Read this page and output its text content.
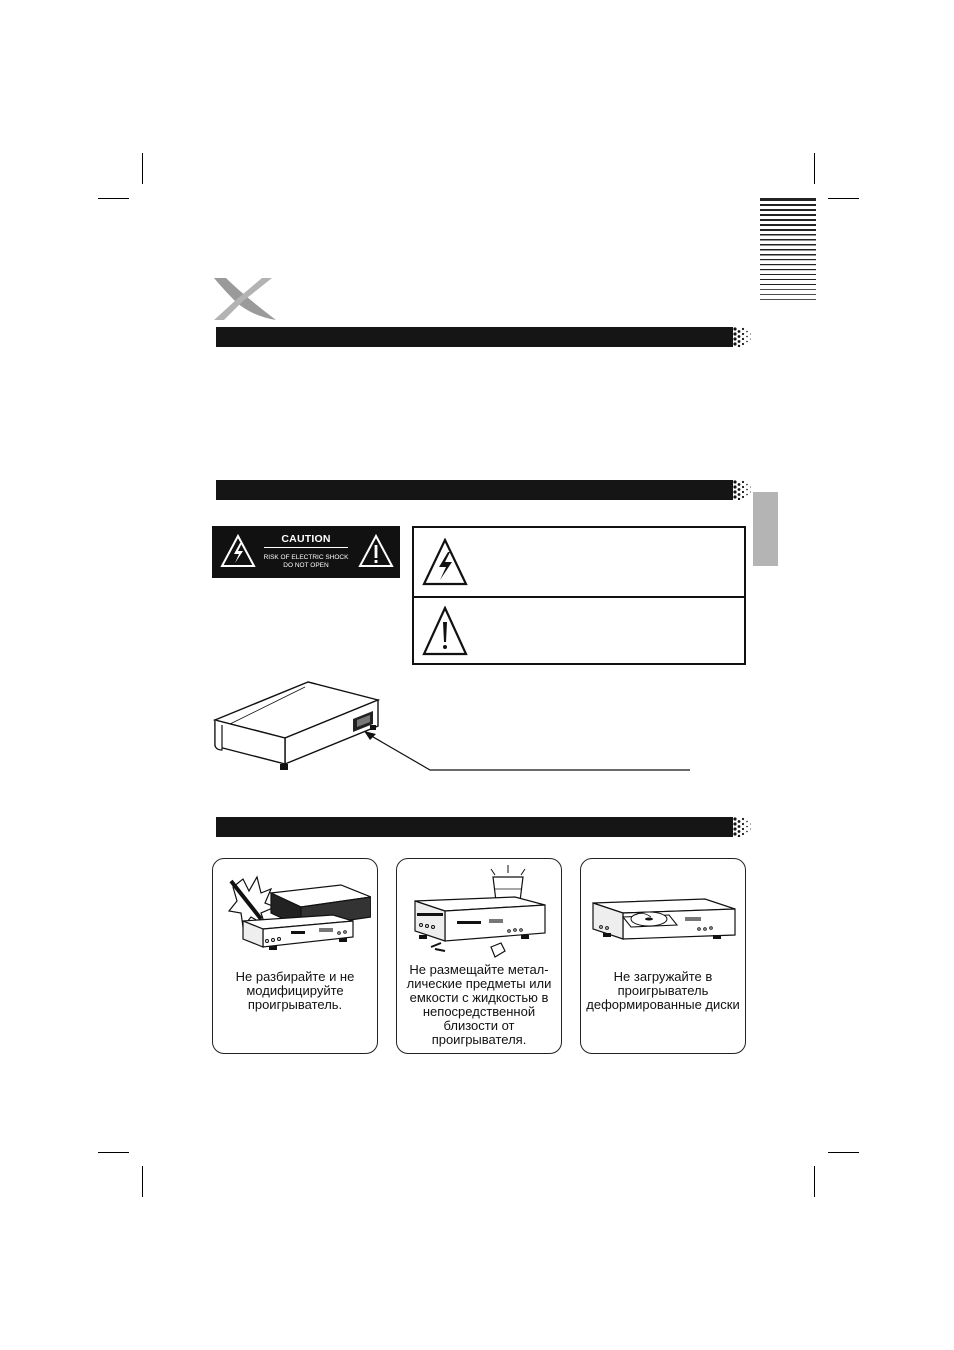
CAUTION
RISK OF ELECTRIC SHOCK
DO NOT OPEN
Не разбирайте и не
модифицируйте
проигрыватель.
Не размещайте метал-
лические предметы или
емкости с жидкостью в
непосредственной
близости от
проигрывателя.
Не загружайте в
проигрыватель
деформированные диски
